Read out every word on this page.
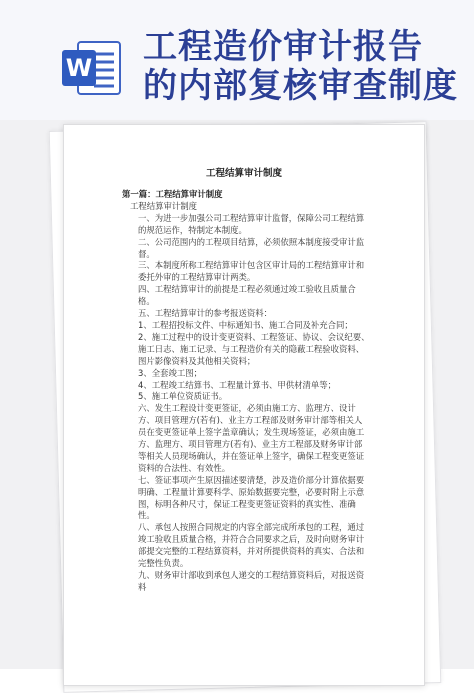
W
工程造价审计报告
的内部复核审查制度
工程结算审计制度

第一篇：工程结算审计制度

工程结算审计制度

一、为进一步加强公司工程结算审计监督，保障公司工程结算的规范运作，特制定本制度。

二、公司范围内的工程项目结算，必须依照本制度接受审计监督。

三、本制度所称工程结算审计包含区审计局的工程结算审计和委托外审的工程结算审计两类。

四、工程结算审计的前提是工程必须通过竣工验收且质量合格。

五、工程结算审计的参考报送资料：

1、工程招投标文件、中标通知书、施工合同及补充合同；

2、施工过程中的设计变更资料、工程签证、协议、会议纪要、施工日志、施工记录、与工程造价有关的隐蔽工程验收资料、图片影像资料及其他相关资料；

3、全套竣工图；

4、工程竣工结算书、工程量计算书、甲供材清单等；

5、施工单位资质证书。

六、发生工程设计变更签证，必须由施工方、监理方、设计方、项目管理方(若有)、业主方工程部及财务审计部等相关人员在变更签证单上签字盖章确认；发生现场签证，必须由施工方、监理方、项目管理方(若有)、业主方工程部及财务审计部等相关人员现场确认，并在签证单上签字，确保工程变更签证资料的合法性、有效性。

七、签证事项产生原因描述要清楚，涉及造价部分计算依据要明确、工程量计算要科学、原始数据要完整，必要时附上示意图，标明各种尺寸，保证工程变更签证资料的真实性、准确性。

八、承包人按照合同规定的内容全部完成所承包的工程，通过竣工验收且质量合格，并符合合同要求之后，及时向财务审计部提交完整的工程结算资料，并对所提供资料的真实、合法和完整性负责。

九、财务审计部收到承包人递交的工程结算资料后，对报送资料
